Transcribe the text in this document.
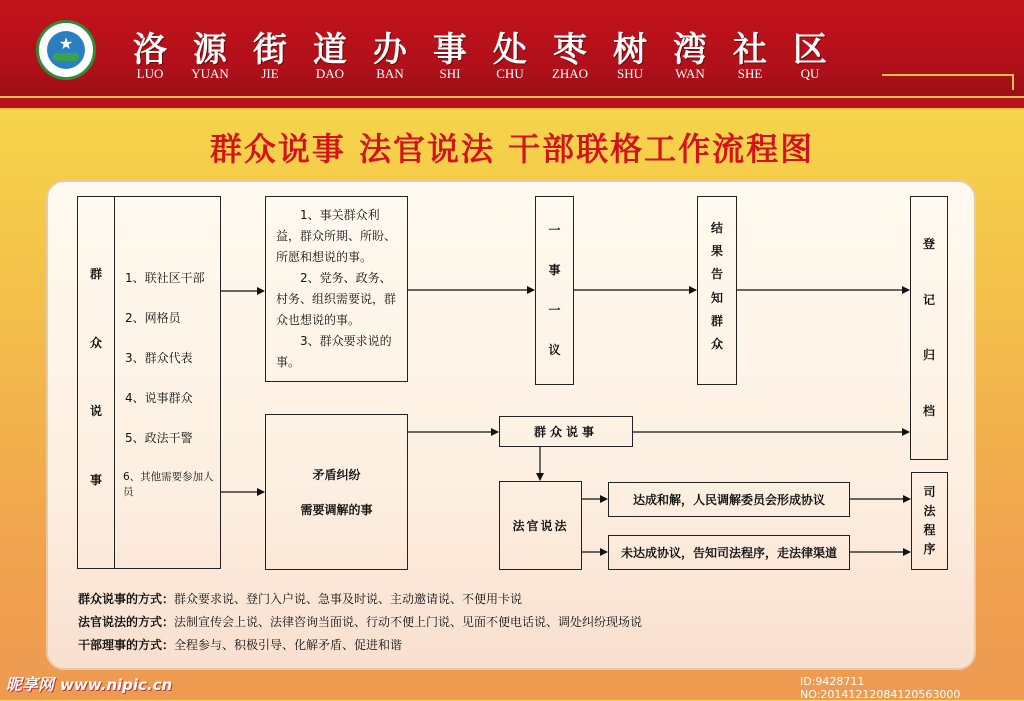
★	洛 源 街 道 办 事 处 枣 树 湾 社 区
LUO	YUAN	JIE	DAO	BAN	SHI	CHU	ZHAO	SHU	WAN	SHE	QU
群众说事 法官说法 干部联格工作流程图
群
众
说
事
1、联社区干部
2、网格员
3、群众代表
4、说事群众
5、政法干警
6、其他需要参加人员

1、事关群众利益，群众所期、所盼、所愿和想说的事。

2、党务、政务、村务、组织需要说，群众也想说的事。

3、群众要求说的事。

一
事
一
议
结
果
告
知
群
众
登
记
归
档
矛盾纠纷
需要调解的事
群众说事
法官说法
达成和解，人民调解委员会形成协议
未达成协议，告知司法程序，走法律渠道
司
法
程
序
群众说事的方式：群众要求说、登门入户说、急事及时说、主动邀请说、不便用卡说
法官说法的方式：法制宣传会上说、法律咨询当面说、行动不便上门说、见面不便电话说、调处纠纷现场说
干部理事的方式：全程参与、积极引导、化解矛盾、促进和谐
昵享网 www.nipic.cn	ID:9428711 NO:20141212084120563000
